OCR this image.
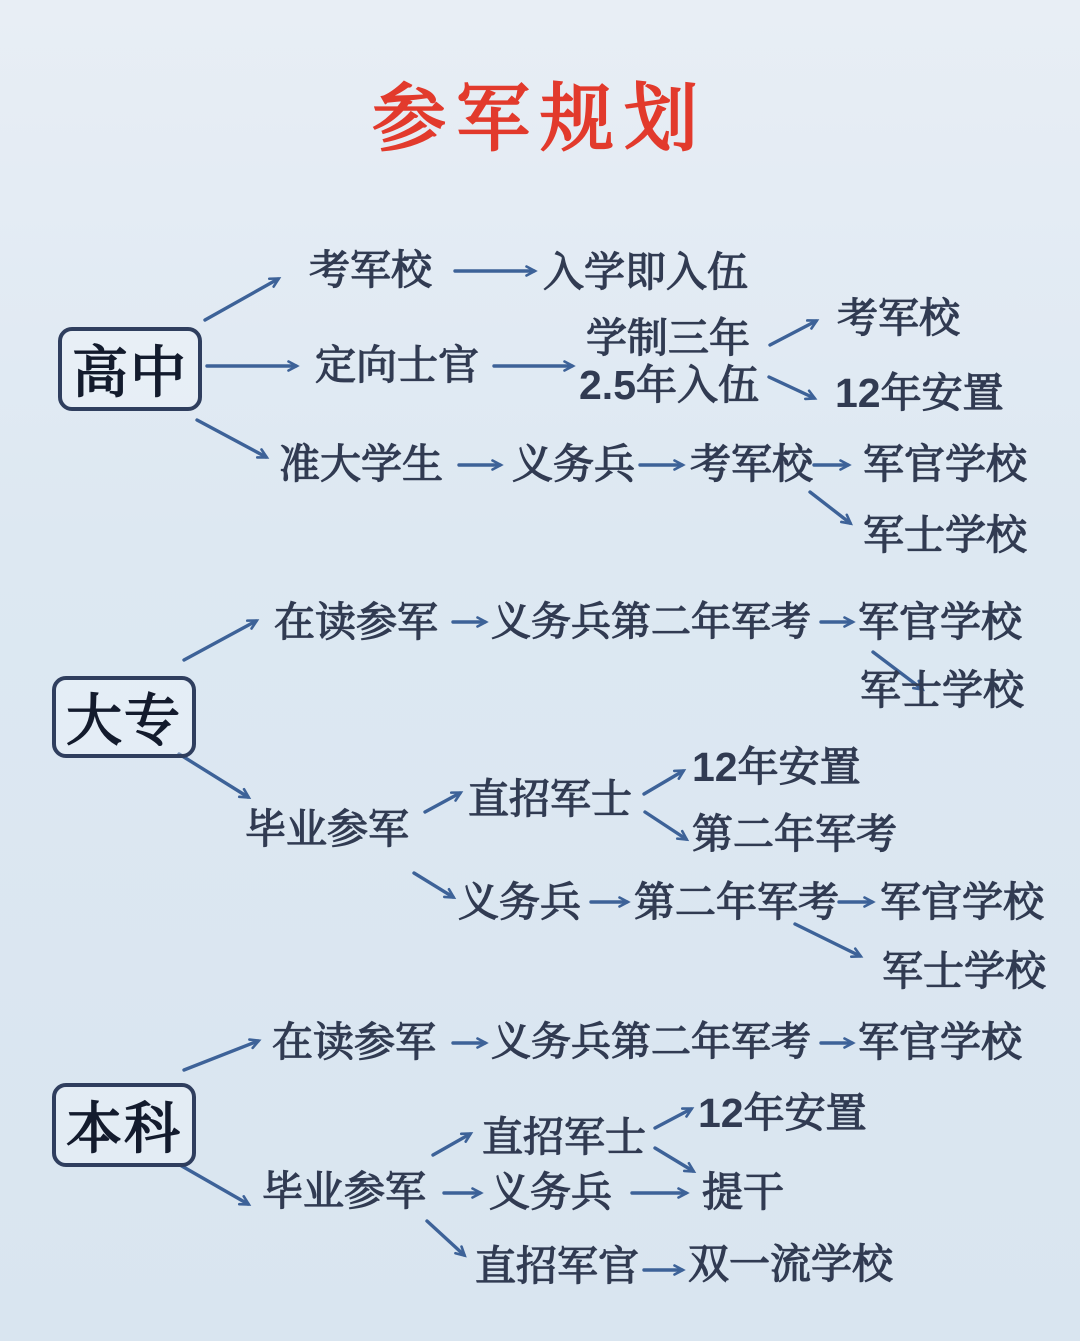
参军规划
高中
考军校	入学即入伍
定向士官
学制三年
2.5年入伍
考军校
12年安置
准大学生 义务兵 考军校 军官学校
军士学校
大专
在读参军 义务兵第二年军考 军官学校
军士学校
毕业参军
直招军士
12年安置
第二年军考
义务兵 第二年军考 军官学校
军士学校
本科
在读参军 义务兵第二年军考 军官学校
毕业参军
直招军士
12年安置
义务兵 提干
直招军官 双一流学校
